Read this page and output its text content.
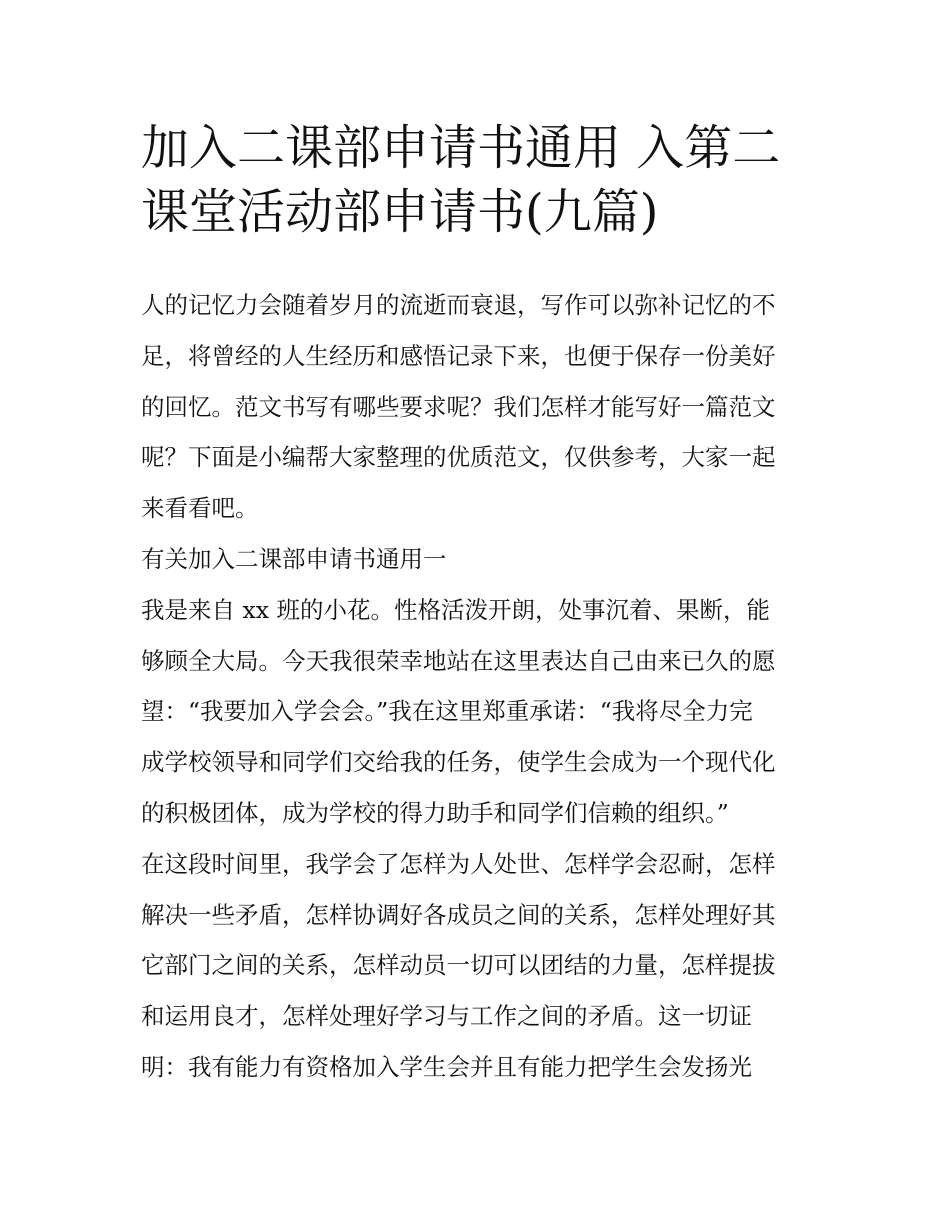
加入二课部申请书通用 入第二
课堂活动部申请书(九篇)
人的记忆力会随着岁月的流逝而衰退，写作可以弥补记忆的不
足，将曾经的人生经历和感悟记录下来，也便于保存一份美好
的回忆。范文书写有哪些要求呢？我们怎样才能写好一篇范文
呢？下面是小编帮大家整理的优质范文，仅供参考，大家一起
来看看吧。
有关加入二课部申请书通用一
我是来自 xx 班的小花。性格活泼开朗，处事沉着、果断，能
够顾全大局。今天我很荣幸地站在这里表达自己由来已久的愿
望：“我要加入学会会。”我在这里郑重承诺：“我将尽全力完
成学校领导和同学们交给我的任务，使学生会成为一个现代化
的积极团体，成为学校的得力助手和同学们信赖的组织。”
在这段时间里，我学会了怎样为人处世、怎样学会忍耐，怎样
解决一些矛盾，怎样协调好各成员之间的关系，怎样处理好其
它部门之间的关系，怎样动员一切可以团结的力量，怎样提拔
和运用良才，怎样处理好学习与工作之间的矛盾。这一切证
明：我有能力有资格加入学生会并且有能力把学生会发扬光
